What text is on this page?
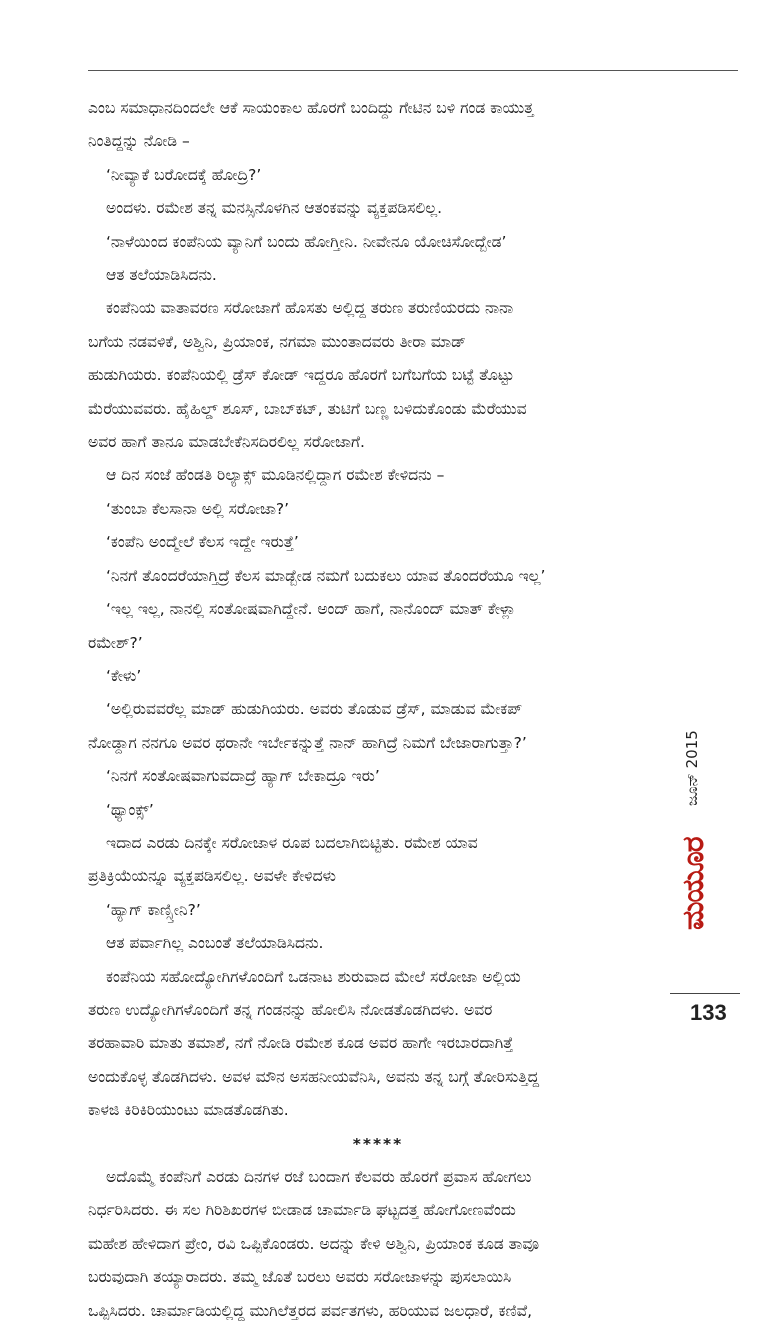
ಎಂಬ ಸಮಾಧಾನದಿಂದಲೇ ಆಕೆ ಸಾಯಂಕಾಲ ಹೊರಗೆ ಬಂದಿದ್ದು ಗೇಟಿನ ಬಳಿ ಗಂಡ ಕಾಯುತ್ತ

ನಿಂತಿದ್ದನ್ನು ನೋಡಿ –

‘ನೀವ್ಯಾಕೆ ಬರೋದಕ್ಕೆ ಹೋದ್ರಿ?’

ಅಂದಳು. ರಮೇಶ ತನ್ನ ಮನಸ್ಸಿನೊಳಗಿನ ಆತಂಕವನ್ನು ವ್ಯಕ್ತಪಡಿಸಲಿಲ್ಲ.

‘ನಾಳೆಯಿಂದ ಕಂಪೆನಿಯ ವ್ಯಾನಿಗೆ ಬಂದು ಹೋಗ್ತೀನಿ. ನೀವೇನೂ ಯೋಚಿಸೋದ್ಬೇಡ’

ಆತ ತಲೆಯಾಡಿಸಿದನು.

ಕಂಪೆನಿಯ ವಾತಾವರಣ ಸರೋಜಾಗೆ ಹೊಸತು ಅಲ್ಲಿದ್ದ ತರುಣ ತರುಣಿಯರದು ನಾನಾ

ಬಗೆಯ ನಡವಳಿಕೆ, ಅಶ್ವಿನಿ, ಪ್ರಿಯಾಂಕ, ನಗಮಾ ಮುಂತಾದವರು ತೀರಾ ಮಾಡ್

ಹುಡುಗಿಯರು. ಕಂಪೆನಿಯಲ್ಲಿ ಡ್ರೆಸ್ ಕೋಡ್ ಇದ್ದರೂ ಹೊರಗೆ ಬಗೆಬಗೆಯ ಬಟ್ಟೆ ತೊಟ್ಟು

ಮೆರೆಯುವವರು. ಹೈಹಿಲ್ಡ್ ಶೂಸ್, ಬಾಬ್‌ಕಟ್, ತುಟಿಗೆ ಬಣ್ಣ ಬಳಿದುಕೊಂಡು ಮೆರೆಯುವ

ಅವರ ಹಾಗೆ ತಾನೂ ಮಾಡಬೇಕೆನಿಸದಿರಲಿಲ್ಲ ಸರೋಜಾಗೆ.

ಆ ದಿನ ಸಂಜೆ ಹೆಂಡತಿ ರಿಲ್ಯಾಕ್ಸ್ ಮೂಡಿನಲ್ಲಿದ್ದಾಗ ರಮೇಶ ಕೇಳಿದನು –

‘ತುಂಬಾ ಕೆಲಸಾನಾ ಅಲ್ಲಿ ಸರೋಜಾ?’

‘ಕಂಪೆನಿ ಅಂದ್ಮೇಲೆ ಕೆಲಸ ಇದ್ದೇ ಇರುತ್ತೆ’

‘ನಿನಗೆ ತೊಂದರೆಯಾಗ್ತಿದ್ರೆ ಕೆಲಸ ಮಾಡ್ಬೇಡ ನಮಗೆ ಬದುಕಲು ಯಾವ ತೊಂದರೆಯೂ ಇಲ್ಲ’

‘ಇಲ್ಲ ಇಲ್ಲ, ನಾನಲ್ಲಿ ಸಂತೋಷವಾಗಿದ್ದೇನೆ. ಅಂದ್ ಹಾಗೆ, ನಾನೊಂದ್ ಮಾತ್ ಕೇಳ್ಲಾ

ರಮೇಶ್?’

‘ಕೇಳು’

‘ಅಲ್ಲಿರುವವರೆಲ್ಲ ಮಾಡ್ ಹುಡುಗಿಯರು. ಅವರು ತೊಡುವ ಡ್ರೆಸ್, ಮಾಡುವ ಮೇಕಪ್

ನೋಡ್ದಾಗ ನನಗೂ ಅವರ ಥರಾನೇ ಇರ್ಬೇಕನ್ನುತ್ತೆ ನಾನ್ ಹಾಗಿದ್ರೆ ನಿಮಗೆ ಬೇಜಾರಾಗುತ್ತಾ?’

‘ನಿನಗೆ ಸಂತೋಷವಾಗುವದಾದ್ರೆ ಹ್ಯಾಗ್ ಬೇಕಾದ್ರೂ ಇರು’

‘ಥ್ಯಾಂಕ್ಸ್’

ಇದಾದ ಎರಡು ದಿನಕ್ಕೇ ಸರೋಜಾಳ ರೂಪ ಬದಲಾಗಿಬಿಟ್ಟಿತು. ರಮೇಶ ಯಾವ

ಪ್ರತಿಕ್ರಿಯೆಯನ್ನೂ ವ್ಯಕ್ತಪಡಿಸಲಿಲ್ಲ. ಅವಳೇ ಕೇಳಿದಳು

‘ಹ್ಯಾಗ್ ಕಾಣ್ಸ್ತೀನಿ?’

ಆತ ಪರ್ವಾಗಿಲ್ಲ ಎಂಬಂತೆ ತಲೆಯಾಡಿಸಿದನು.

ಕಂಪೆನಿಯ ಸಹೋದ್ಯೋಗಿಗಳೊಂದಿಗೆ ಒಡನಾಟ ಶುರುವಾದ ಮೇಲೆ ಸರೋಜಾ ಅಲ್ಲಿಯ

ತರುಣ ಉದ್ಯೋಗಿಗಳೊಂದಿಗೆ ತನ್ನ ಗಂಡನನ್ನು ಹೋಲಿಸಿ ನೋಡತೊಡಗಿದಳು. ಅವರ

ತರಹಾವಾರಿ ಮಾತು ತಮಾಶೆ, ನಗೆ ನೋಡಿ ರಮೇಶ ಕೂಡ ಅವರ ಹಾಗೇ ಇರಬಾರದಾಗಿತ್ತೆ

ಅಂದುಕೊಳ್ಳ ತೊಡಗಿದಳು. ಅವಳ ಮೌನ ಅಸಹನೀಯವೆನಿಸಿ, ಅವನು ತನ್ನ ಬಗ್ಗೆ ತೋರಿಸುತ್ತಿದ್ದ

ಕಾಳಜಿ ಕಿರಿಕಿರಿಯುಂಟು ಮಾಡತೊಡಗಿತು.

*****

ಅದೊಮ್ಮೆ ಕಂಪೆನಿಗೆ ಎರಡು ದಿನಗಳ ರಜೆ ಬಂದಾಗ ಕೆಲವರು ಹೊರಗೆ ಪ್ರವಾಸ ಹೋಗಲು

ನಿರ್ಧರಿಸಿದರು. ಈ ಸಲ ಗಿರಿಶಿಖರಗಳ ಬೀಡಾಡ ಚಾರ್ಮಾಡಿ ಘಟ್ಟದತ್ತ ಹೋಗೋಣವೆಂದು

ಮಹೇಶ ಹೇಳಿದಾಗ ಪ್ರೇಂ, ರವಿ ಒಪ್ಪಿಕೊಂಡರು. ಅದನ್ನು ಕೇಳಿ ಅಶ್ವಿನಿ, ಪ್ರಿಯಾಂಕ ಕೂಡ ತಾವೂ

ಬರುವುದಾಗಿ ತಯ್ಯಾರಾದರು. ತಮ್ಮ ಜೊತೆ ಬರಲು ಅವರು ಸರೋಜಾಳನ್ನು ಪುಸಲಾಯಿಸಿ

ಒಪ್ಪಿಸಿದರು. ಚಾರ್ಮಾಡಿಯಲ್ಲಿದ್ದ ಮುಗಿಲೆತ್ತರದ ಪರ್ವತಗಳು, ಹರಿಯುವ ಜಲಧಾರೆ, ಕಣಿವೆ,

ಜೂನ್ 2015
ಮಯೂರ
133
